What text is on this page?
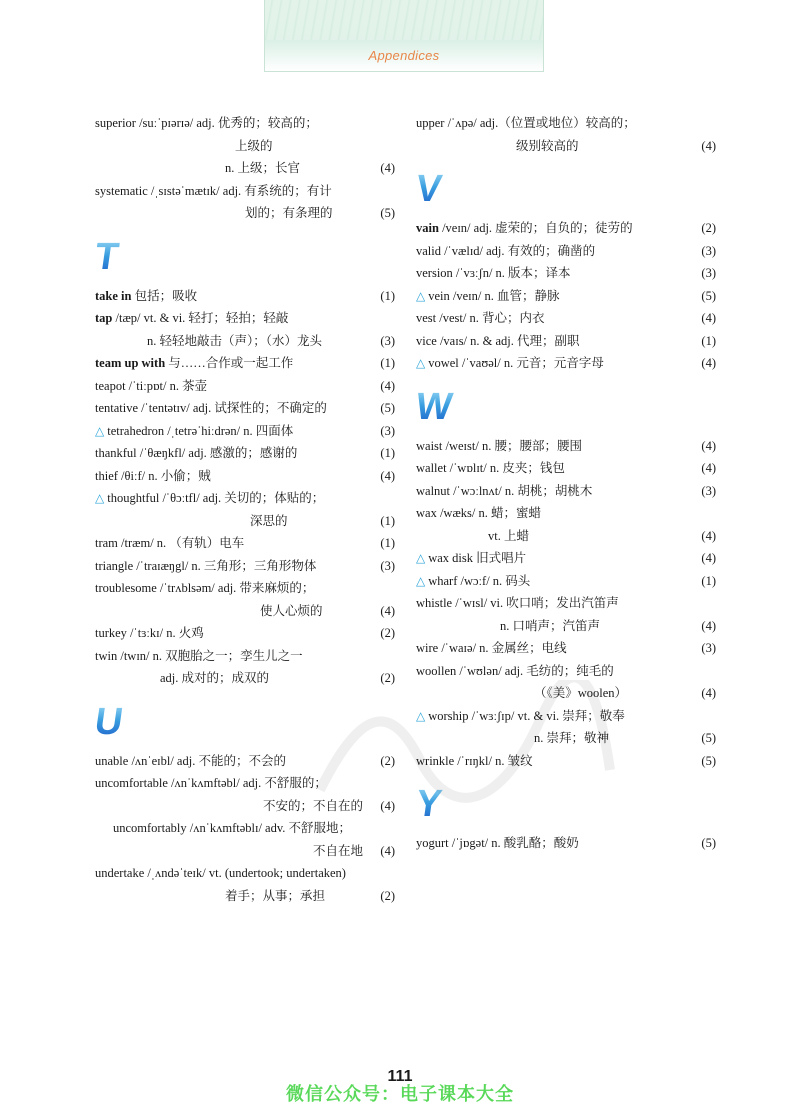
Appendices
superior /suːˈpɪərɪə/ adj. 优秀的；较高的；
上级的
n. 上级；长官	(4)
systematic /ˌsɪstəˈmætɪk/ adj. 有系统的；有计
划的；有条理的	(5)
T
take in 包括；吸收	(1)
tap /tæp/ vt. & vi. 轻打；轻拍；轻敲
n. 轻轻地敲击（声）；（水）龙头	(3)
team up with 与……合作或一起工作	(1)
teapot /ˈtiːpɒt/ n. 茶壶	(4)
tentative /ˈtentətɪv/ adj. 试探性的；不确定的	(5)
△ tetrahedron /ˌtetrəˈhiːdrən/ n. 四面体	(3)
thankful /ˈθæŋkfl/ adj. 感激的；感谢的	(1)
thief /θiːf/ n. 小偷；贼	(4)
△ thoughtful /ˈθɔːtfl/ adj. 关切的；体贴的；
深思的	(1)
tram /træm/ n. （有轨）电车	(1)
triangle /ˈtraɪæŋgl/ n. 三角形；三角形物体	(3)
troublesome /ˈtrʌblsəm/ adj. 带来麻烦的；
使人心烦的	(4)
turkey /ˈtɜːkɪ/ n. 火鸡	(2)
twin /twɪn/ n. 双胞胎之一；孪生儿之一
adj. 成对的；成双的	(2)
U
unable /ʌnˈeɪbl/ adj. 不能的；不会的	(2)
uncomfortable /ʌnˈkʌmftəbl/ adj. 不舒服的；
不安的；不自在的 (4)
uncomfortably /ʌnˈkʌmftəblɪ/ adv. 不舒服地；
不自在地 (4)
undertake /ˌʌndəˈteɪk/ vt. (undertook; undertaken)
着手；从事；承担	(2)
upper /ˈʌpə/ adj.（位置或地位）较高的；
级别较高的	(4)
V
vain /veɪn/ adj. 虚荣的；自负的；徒劳的	(2)
valid /ˈvælɪd/ adj. 有效的；确凿的	(3)
version /ˈvɜːʃn/ n. 版本；译本	(3)
△ vein /veɪn/ n. 血管；静脉	(5)
vest /vest/ n. 背心；内衣	(4)
vice /vaɪs/ n. & adj. 代理；副职	(1)
△ vowel /ˈvaʊəl/ n. 元音；元音字母	(4)
W
waist /weɪst/ n. 腰；腰部；腰围	(4)
wallet /ˈwɒlɪt/ n. 皮夹；钱包	(4)
walnut /ˈwɔːlnʌt/ n. 胡桃；胡桃木	(3)
wax /wæks/ n. 蜡；蜜蜡
vt. 上蜡	(4)
△ wax disk 旧式唱片	(4)
△ wharf /wɔːf/ n. 码头	(1)
whistle /ˈwɪsl/ vi. 吹口哨；发出汽笛声
n. 口哨声；汽笛声	(4)
wire /ˈwaɪə/ n. 金属丝；电线	(3)
woollen /ˈwʊlən/ adj. 毛纺的；纯毛的
（《美》woolen）	(4)
△ worship /ˈwɜːʃɪp/ vt. & vi. 崇拜；敬奉
n. 崇拜；敬神	(5)
wrinkle /ˈrɪŋkl/ n. 皱纹	(5)
Y
yogurt /ˈjɒgət/ n. 酸乳酪；酸奶	(5)
111
微信公众号：电子课本大全
